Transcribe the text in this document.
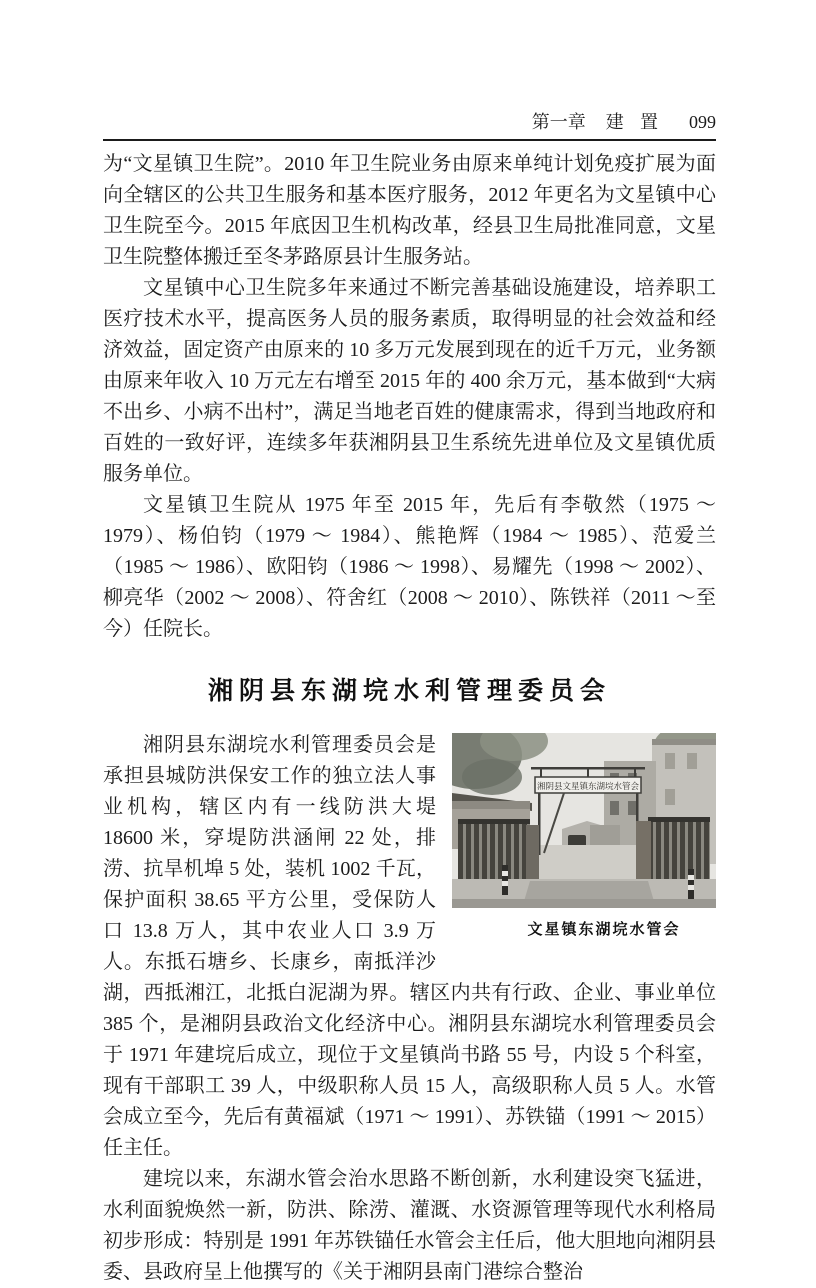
第一章 建置 099
为“文星镇卫生院”。2010 年卫生院业务由原来单纯计划免疫扩展为面向全辖区的公共卫生服务和基本医疗服务，2012 年更名为文星镇中心卫生院至今。2015 年底因卫生机构改革，经县卫生局批准同意，文星卫生院整体搬迁至冬茅路原县计生服务站。
文星镇中心卫生院多年来通过不断完善基础设施建设，培养职工医疗技术水平，提高医务人员的服务素质，取得明显的社会效益和经济效益，固定资产由原来的 10 多万元发展到现在的近千万元，业务额由原来年收入 10 万元左右增至 2015 年的 400 余万元，基本做到“大病不出乡、小病不出村”，满足当地老百姓的健康需求，得到当地政府和百姓的一致好评，连续多年获湘阴县卫生系统先进单位及文星镇优质服务单位。
文星镇卫生院从 1975 年至 2015 年，先后有李敬然（1975 ～ 1979）、杨伯钧（1979 ～ 1984）、熊艳辉（1984 ～ 1985）、范爱兰（1985 ～ 1986）、欧阳钧（1986 ～ 1998）、易耀先（1998 ～ 2002）、柳亮华（2002 ～ 2008）、符舍红（2008 ～ 2010）、陈铁祥（2011 ～至今）任院长。
湘阴县东湖垸水利管理委员会
湘阴县文星镇东湖垸水管会
文星镇东湖垸水管会
湘阴县东湖垸水利管理委员会是承担县城防洪保安工作的独立法人事业机构，辖区内有一线防洪大堤 18600 米，穿堤防洪涵闸 22 处，排涝、抗旱机埠 5 处，装机 1002 千瓦，保护面积 38.65 平方公里，受保防人口 13.8 万人，其中农业人口 3.9 万人。东抵石塘乡、长康乡，南抵洋沙湖，西抵湘江，北抵白泥湖为界。辖区内共有行政、企业、事业单位 385 个，是湘阴县政治文化经济中心。湘阴县东湖垸水利管理委员会于 1971 年建垸后成立，现位于文星镇尚书路 55 号，内设 5 个科室，现有干部职工 39 人，中级职称人员 15 人，高级职称人员 5 人。水管会成立至今，先后有黄福斌（1971 ～ 1991）、苏铁锚（1991 ～ 2015）任主任。
建垸以来，东湖水管会治水思路不断创新，水利建设突飞猛进，水利面貌焕然一新，防洪、除涝、灌溉、水资源管理等现代水利格局初步形成：特别是 1991 年苏铁锚任水管会主任后，他大胆地向湘阴县委、县政府呈上他撰写的《关于湘阴县南门港综合整治
